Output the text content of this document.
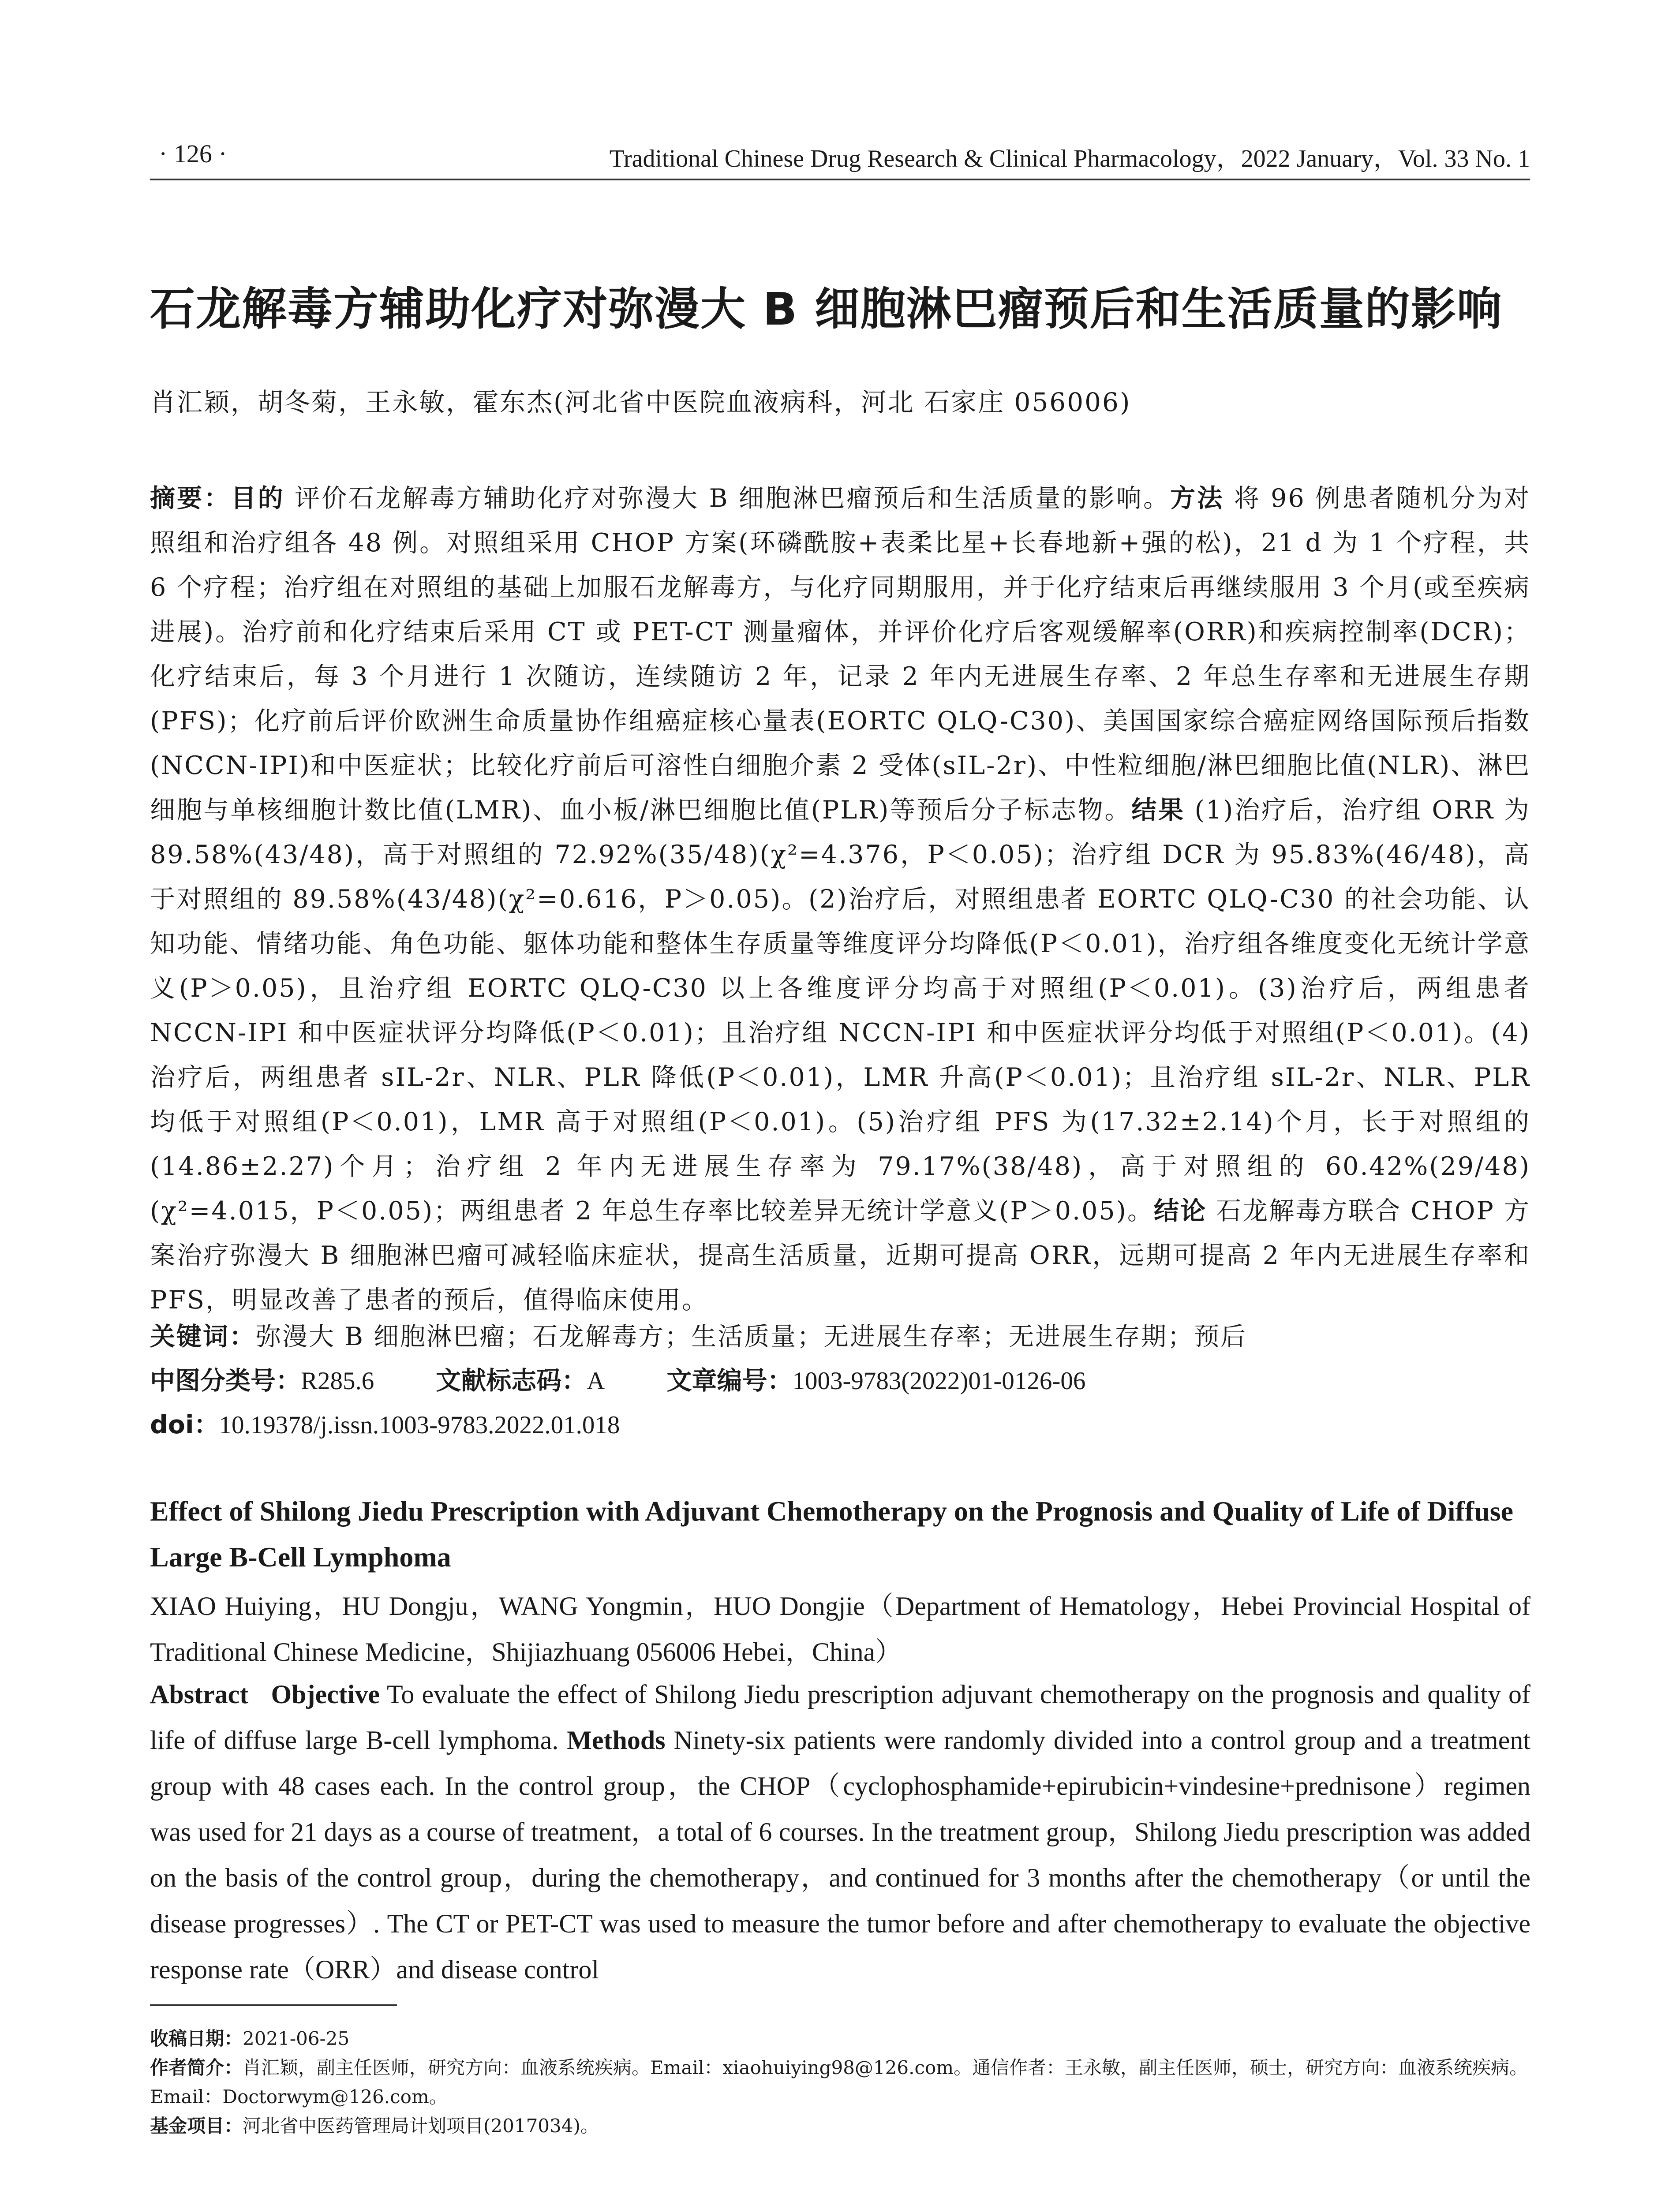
· 126 ·	Traditional Chinese Drug Research & Clinical Pharmacology，2022 January，Vol. 33 No. 1
石龙解毒方辅助化疗对弥漫大 B 细胞淋巴瘤预后和生活质量的影响
肖汇颖，胡冬菊，王永敏，霍东杰(河北省中医院血液病科，河北 石家庄 056006)
摘要：目的 评价石龙解毒方辅助化疗对弥漫大 B 细胞淋巴瘤预后和生活质量的影响。方法 将 96 例患者随机分为对照组和治疗组各 48 例。对照组采用 CHOP 方案(环磷酰胺+表柔比星+长春地新+强的松)，21 d 为 1 个疗程，共 6 个疗程；治疗组在对照组的基础上加服石龙解毒方，与化疗同期服用，并于化疗结束后再继续服用 3 个月(或至疾病进展)。治疗前和化疗结束后采用 CT 或 PET-CT 测量瘤体，并评价化疗后客观缓解率(ORR)和疾病控制率(DCR)；化疗结束后，每 3 个月进行 1 次随访，连续随访 2 年，记录 2 年内无进展生存率、2 年总生存率和无进展生存期(PFS)；化疗前后评价欧洲生命质量协作组癌症核心量表(EORTC QLQ-C30)、美国国家综合癌症网络国际预后指数(NCCN-IPI)和中医症状；比较化疗前后可溶性白细胞介素 2 受体(sIL-2r)、中性粒细胞/淋巴细胞比值(NLR)、淋巴细胞与单核细胞计数比值(LMR)、血小板/淋巴细胞比值(PLR)等预后分子标志物。结果 (1)治疗后，治疗组 ORR 为 89.58%(43/48)，高于对照组的 72.92%(35/48)(χ²=4.376，P＜0.05)；治疗组 DCR 为 95.83%(46/48)，高于对照组的 89.58%(43/48)(χ²=0.616，P＞0.05)。(2)治疗后，对照组患者 EORTC QLQ-C30 的社会功能、认知功能、情绪功能、角色功能、躯体功能和整体生存质量等维度评分均降低(P＜0.01)，治疗组各维度变化无统计学意义(P＞0.05)，且治疗组 EORTC QLQ-C30 以上各维度评分均高于对照组(P＜0.01)。(3)治疗后，两组患者 NCCN-IPI 和中医症状评分均降低(P＜0.01)；且治疗组 NCCN-IPI 和中医症状评分均低于对照组(P＜0.01)。(4)治疗后，两组患者 sIL-2r、NLR、PLR 降低(P＜0.01)，LMR 升高(P＜0.01)；且治疗组 sIL-2r、NLR、PLR 均低于对照组(P＜0.01)，LMR 高于对照组(P＜0.01)。(5)治疗组 PFS 为(17.32±2.14)个月，长于对照组的(14.86±2.27)个月；治疗组 2 年内无进展生存率为 79.17%(38/48)，高于对照组的 60.42%(29/48)(χ²=4.015，P＜0.05)；两组患者 2 年总生存率比较差异无统计学意义(P＞0.05)。结论 石龙解毒方联合 CHOP 方案治疗弥漫大 B 细胞淋巴瘤可减轻临床症状，提高生活质量，近期可提高 ORR，远期可提高 2 年内无进展生存率和 PFS，明显改善了患者的预后，值得临床使用。
关键词：弥漫大 B 细胞淋巴瘤；石龙解毒方；生活质量；无进展生存率；无进展生存期；预后
中图分类号：R285.6 文献标志码：A 文章编号：1003-9783(2022)01-0126-06
doi：10.19378/j.issn.1003-9783.2022.01.018
Effect of Shilong Jiedu Prescription with Adjuvant Chemotherapy on the Prognosis and Quality of Life of Diffuse Large B-Cell Lymphoma
XIAO Huiying，HU Dongju，WANG Yongmin，HUO Dongjie（Department of Hematology，Hebei Provincial Hospital of Traditional Chinese Medicine，Shijiazhuang 056006 Hebei，China）
Abstract Objective To evaluate the effect of Shilong Jiedu prescription adjuvant chemotherapy on the prognosis and quality of life of diffuse large B-cell lymphoma. Methods Ninety-six patients were randomly divided into a control group and a treatment group with 48 cases each. In the control group，the CHOP（cyclophosphamide+epirubicin+vindesine+prednisone）regimen was used for 21 days as a course of treatment，a total of 6 courses. In the treatment group，Shilong Jiedu prescription was added on the basis of the control group，during the chemotherapy，and continued for 3 months after the chemotherapy（or until the disease progresses）. The CT or PET-CT was used to measure the tumor before and after chemotherapy to evaluate the objective response rate（ORR）and disease control

收稿日期：2021-06-25

作者简介：肖汇颖，副主任医师，研究方向：血液系统疾病。Email：xiaohuiying98@126.com。通信作者：王永敏，副主任医师，硕士，研究方向：血液系统疾病。Email：Doctorwym@126.com。

基金项目：河北省中医药管理局计划项目(2017034)。
